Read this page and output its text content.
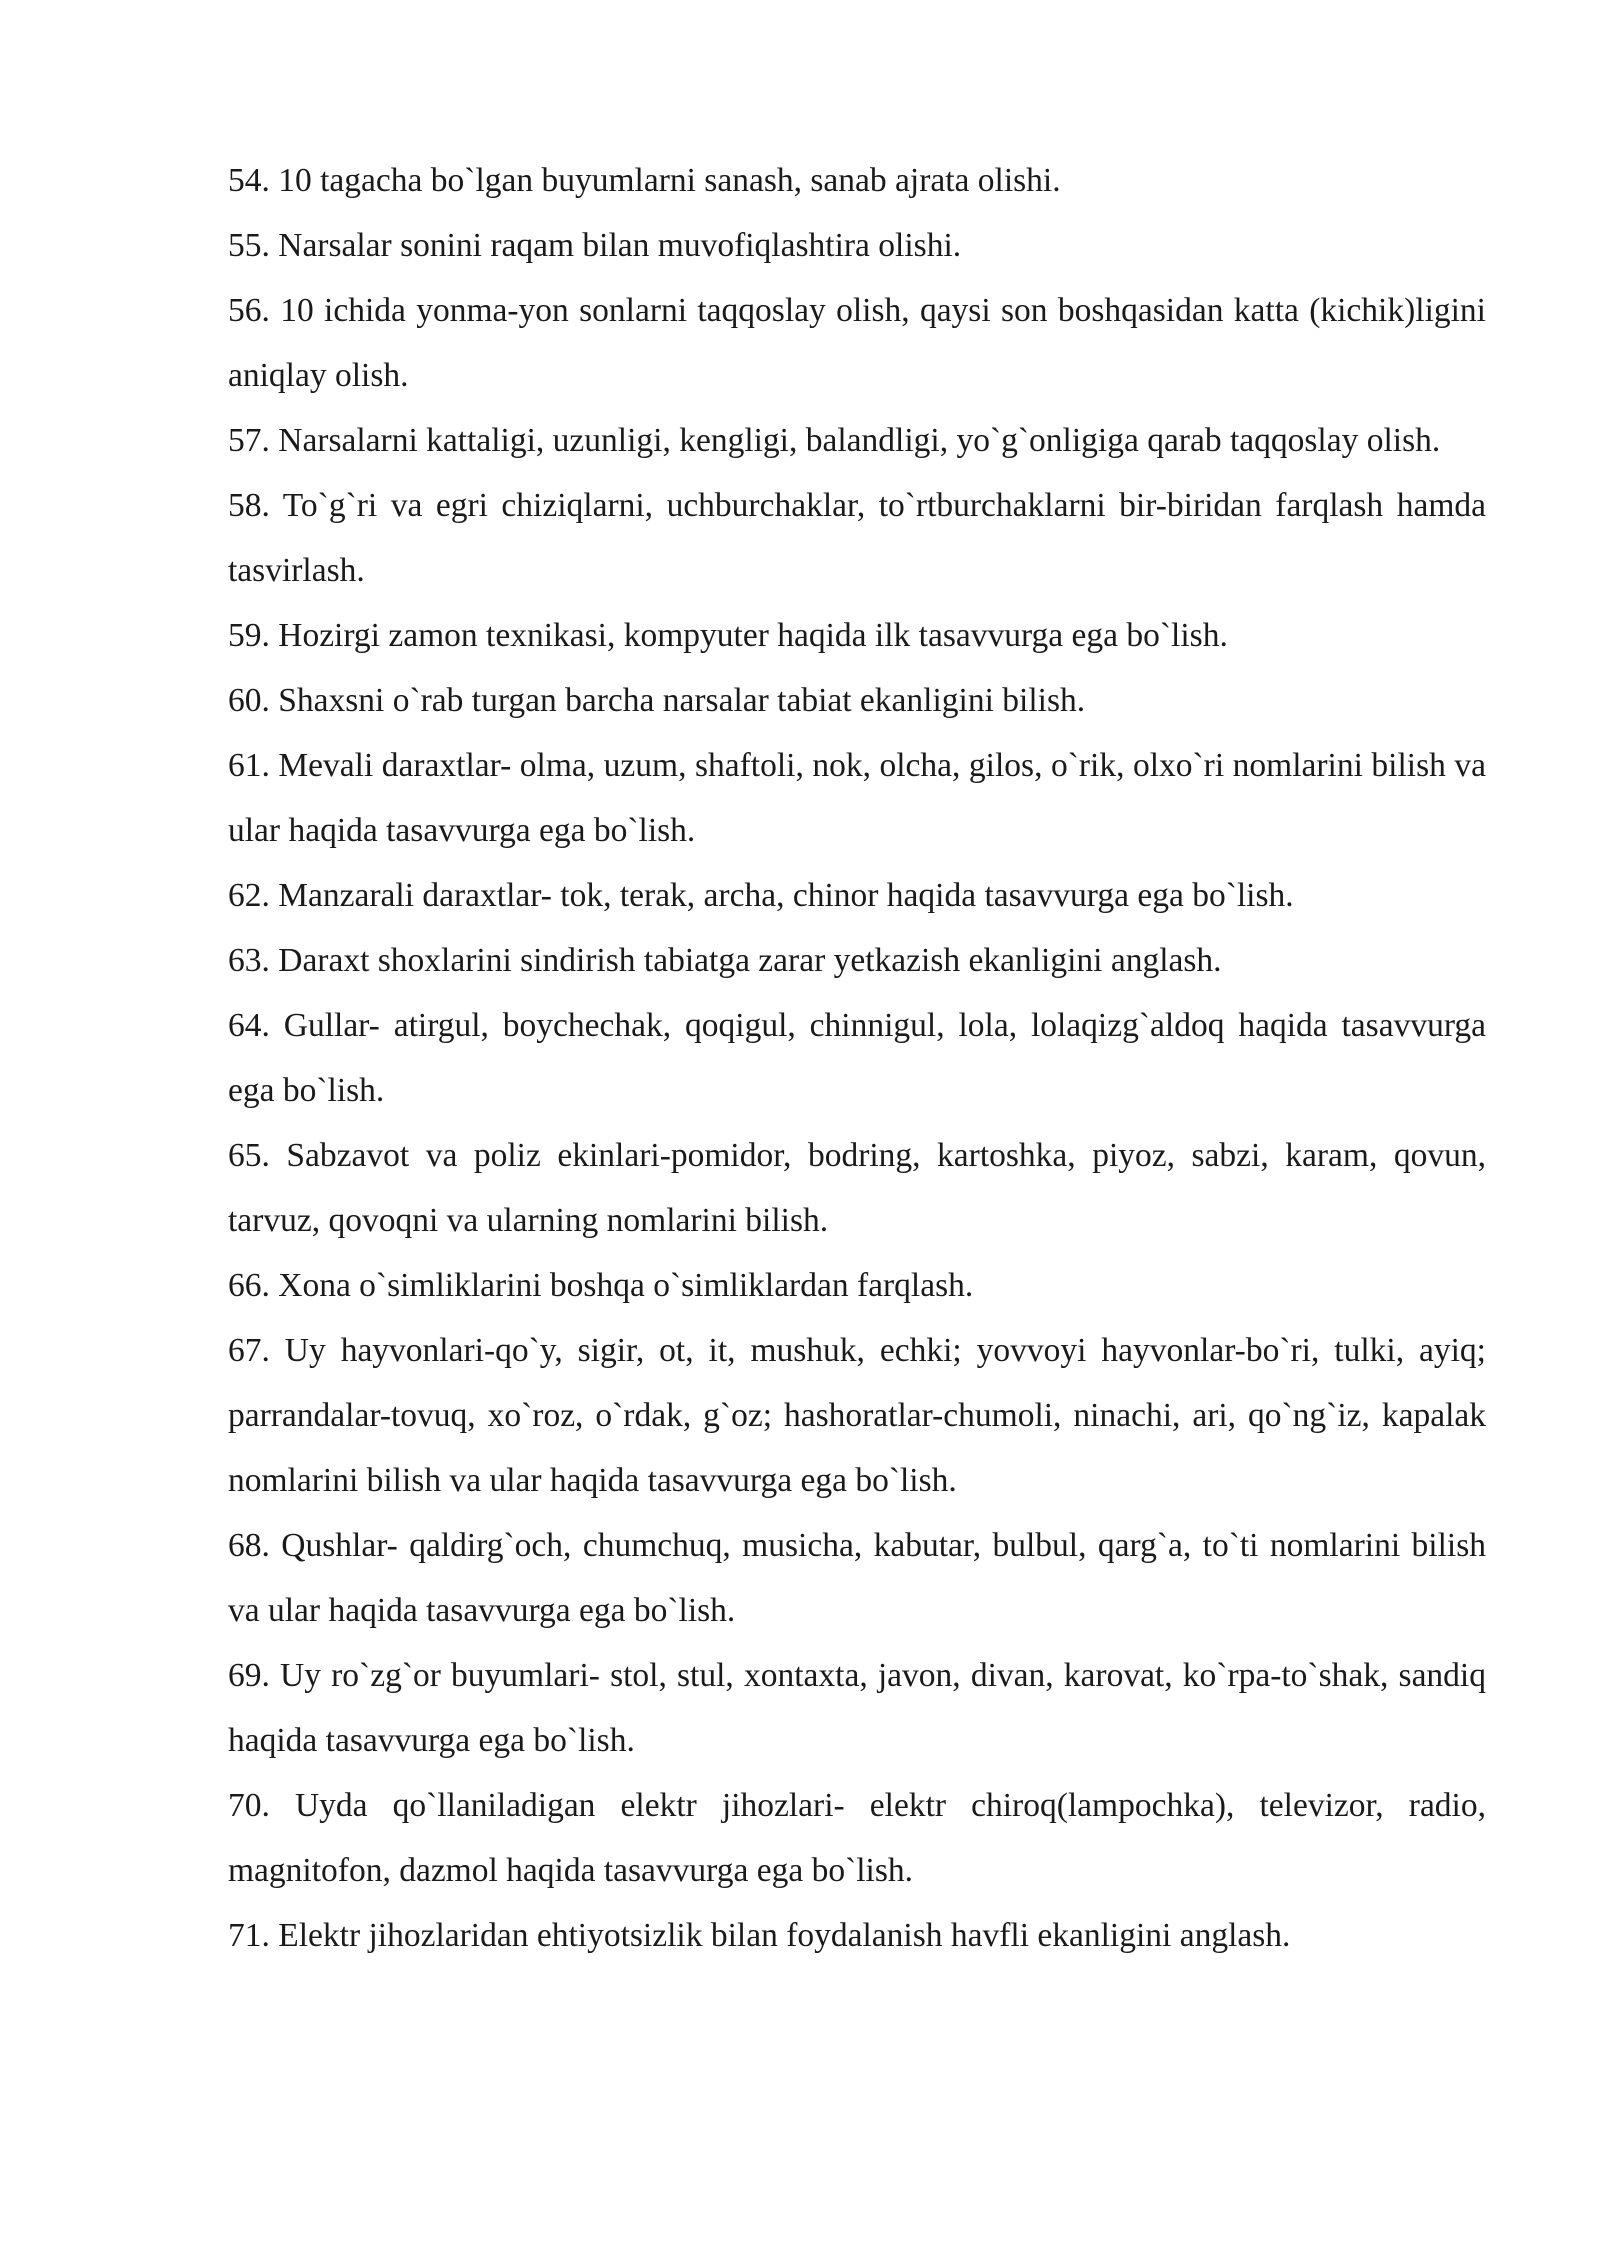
54. 10 tagacha bo`lgan buyumlarni sanash, sanab ajrata olishi.

55. Narsalar sonini raqam bilan muvofiqlashtira olishi.

56. 10 ichida yonma-yon sonlarni taqqoslay olish, qaysi son boshqasidan katta (kichik)ligini aniqlay olish.

57. Narsalarni kattaligi, uzunligi, kengligi, balandligi, yo`g`onligiga qarab taqqoslay olish.

58. To`g`ri va egri chiziqlarni, uchburchaklar, to`rtburchaklarni bir-biridan farqlash hamda tasvirlash.

59. Hozirgi zamon texnikasi, kompyuter haqida ilk tasavvurga ega bo`lish.

60. Shaxsni o`rab turgan barcha narsalar tabiat ekanligini bilish.

61. Mevali daraxtlar- olma, uzum, shaftoli, nok, olcha, gilos, o`rik, olxo`ri nomlarini bilish va ular haqida tasavvurga ega bo`lish.

62. Manzarali daraxtlar- tok, terak, archa, chinor haqida tasavvurga ega bo`lish.

63. Daraxt shoxlarini sindirish tabiatga zarar yetkazish ekanligini anglash.

64. Gullar- atirgul, boychechak, qoqigul, chinnigul, lola, lolaqizg`aldoq haqida tasavvurga ega bo`lish.

65. Sabzavot va poliz ekinlari-pomidor, bodring, kartoshka, piyoz, sabzi, karam, qovun, tarvuz, qovoqni va ularning nomlarini bilish.

66. Xona o`simliklarini boshqa o`simliklardan farqlash.

67. Uy hayvonlari-qo`y, sigir, ot, it, mushuk, echki; yovvoyi hayvonlar-bo`ri, tulki, ayiq; parrandalar-tovuq, xo`roz, o`rdak, g`oz; hashoratlar-chumoli, ninachi, ari, qo`ng`iz, kapalak nomlarini bilish va ular haqida tasavvurga ega bo`lish.

68. Qushlar- qaldirg`och, chumchuq, musicha, kabutar, bulbul, qarg`a, to`ti nomlarini bilish va ular haqida tasavvurga ega bo`lish.

69. Uy ro`zg`or buyumlari- stol, stul, xontaxta, javon, divan, karovat, ko`rpa-to`shak, sandiq haqida tasavvurga ega bo`lish.

70. Uyda qo`llaniladigan elektr jihozlari- elektr chiroq(lampochka), televizor, radio, magnitofon, dazmol haqida tasavvurga ega bo`lish.

71. Elektr jihozlaridan ehtiyotsizlik bilan foydalanish havfli ekanligini anglash.
